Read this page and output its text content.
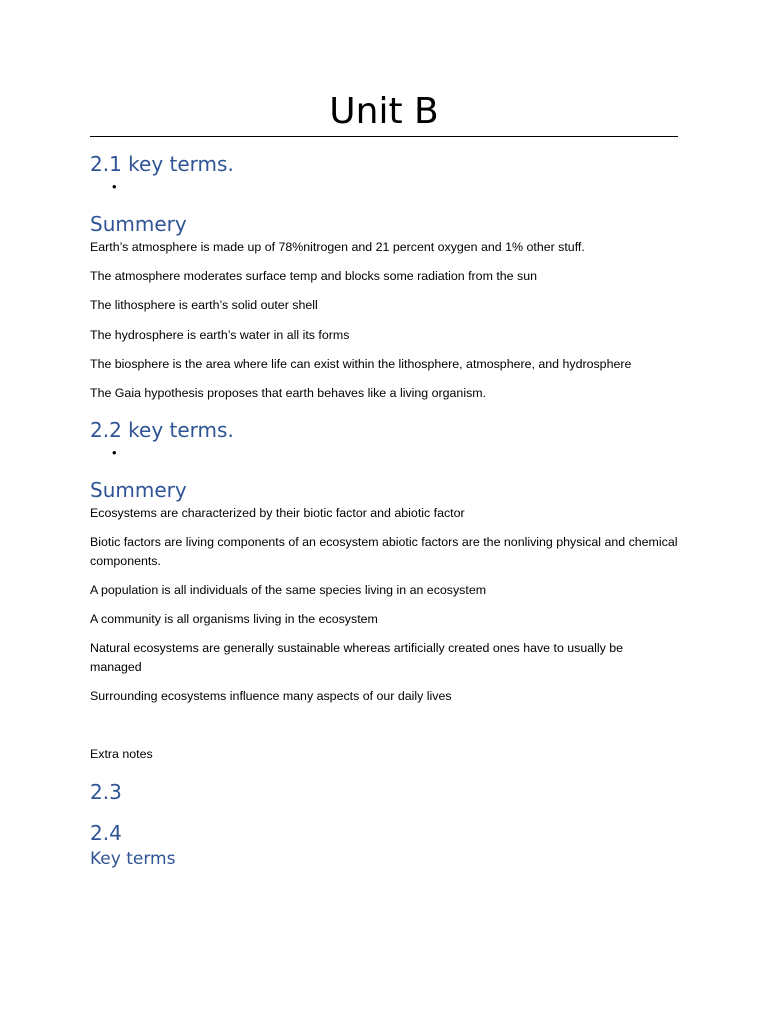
Unit B
2.1 key terms.
•
Summery

Earth’s atmosphere is made up of 78%nitrogen and 21 percent oxygen and 1% other stuff.

The atmosphere moderates surface temp and blocks some radiation from the sun

The lithosphere is earth’s solid outer shell

The hydrosphere is earth’s water in all its forms

The biosphere is the area where life can exist within the lithosphere, atmosphere, and hydrosphere

The Gaia hypothesis proposes that earth behaves like a living organism.

2.2 key terms.
•
Summery

Ecosystems are characterized by their biotic factor and abiotic factor

Biotic factors are living components of an ecosystem abiotic factors are the nonliving physical and chemical components.

A population is all individuals of the same species living in an ecosystem

A community is all organisms living in the ecosystem

Natural ecosystems are generally sustainable whereas artificially created ones have to usually be managed

Surrounding ecosystems influence many aspects of our daily lives

Extra notes

2.3
2.4
Key terms
